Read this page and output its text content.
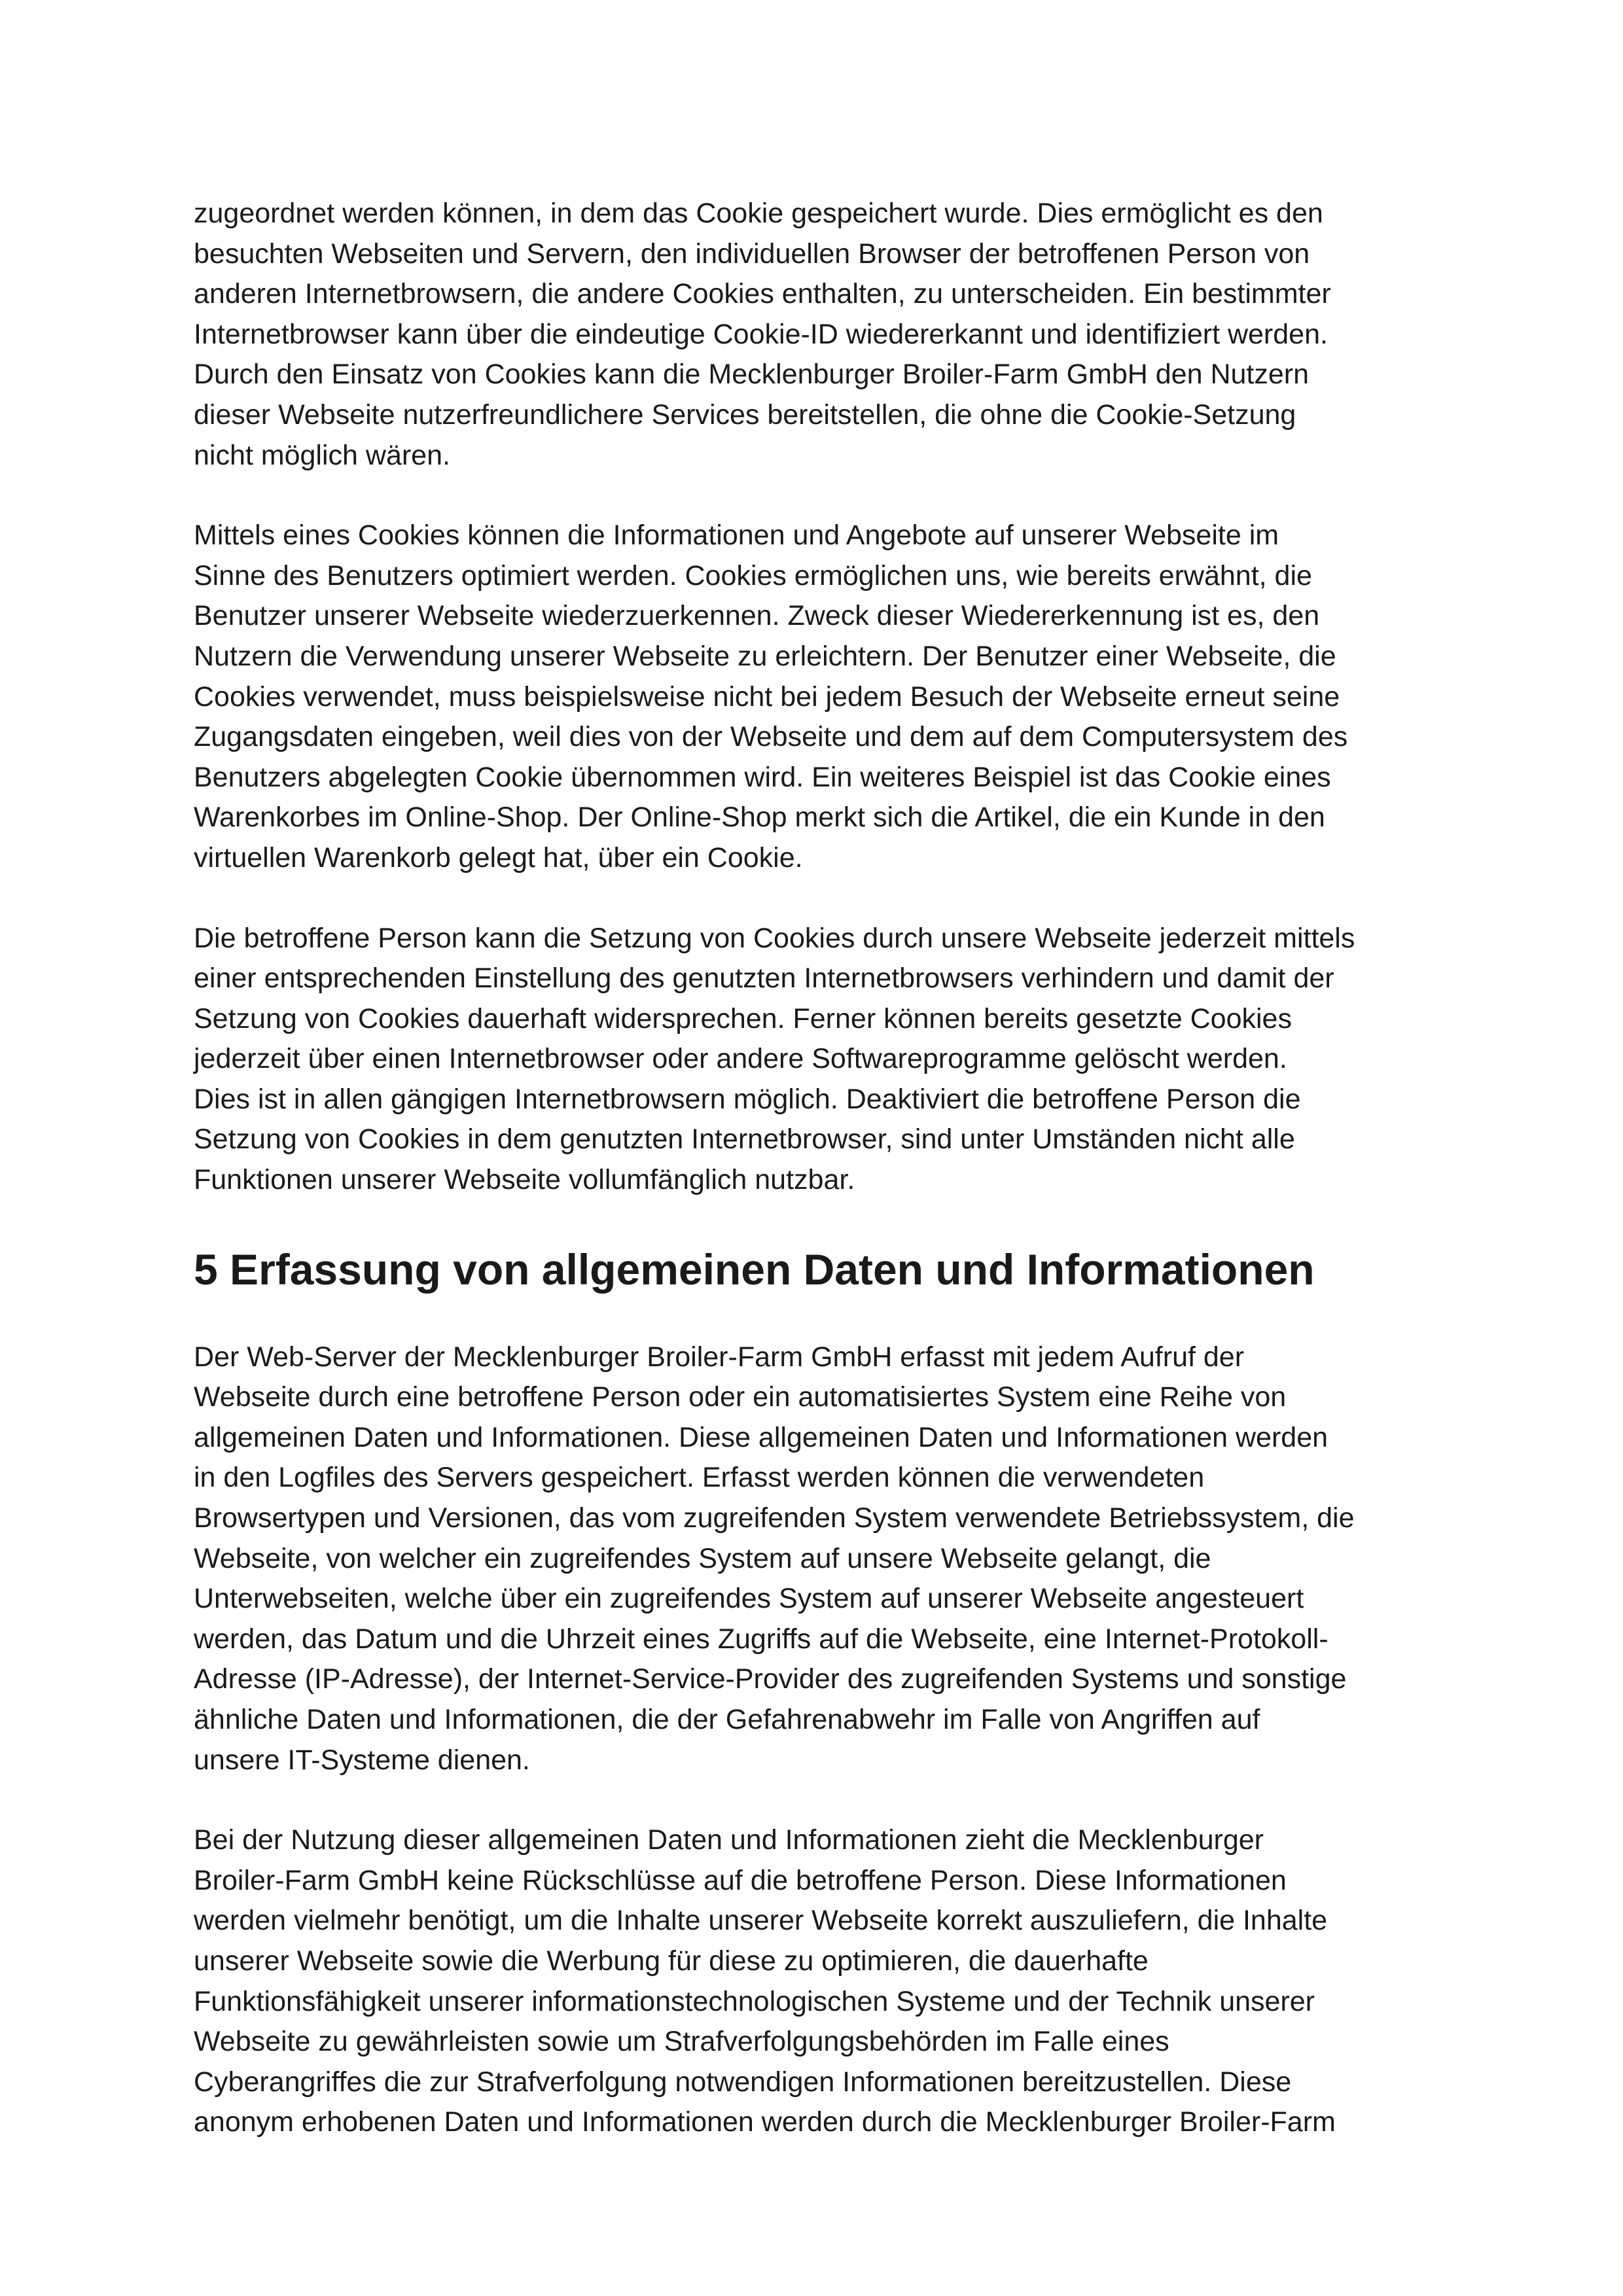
zugeordnet werden können, in dem das Cookie gespeichert wurde. Dies ermöglicht es den
besuchten Webseiten und Servern, den individuellen Browser der betroffenen Person von
anderen Internetbrowsern, die andere Cookies enthalten, zu unterscheiden. Ein bestimmter
Internetbrowser kann über die eindeutige Cookie-ID wiedererkannt und identifiziert werden.
Durch den Einsatz von Cookies kann die Mecklenburger Broiler-Farm GmbH den Nutzern
dieser Webseite nutzerfreundlichere Services bereitstellen, die ohne die Cookie-Setzung
nicht möglich wären.
Mittels eines Cookies können die Informationen und Angebote auf unserer Webseite im
Sinne des Benutzers optimiert werden. Cookies ermöglichen uns, wie bereits erwähnt, die
Benutzer unserer Webseite wiederzuerkennen. Zweck dieser Wiedererkennung ist es, den
Nutzern die Verwendung unserer Webseite zu erleichtern. Der Benutzer einer Webseite, die
Cookies verwendet, muss beispielsweise nicht bei jedem Besuch der Webseite erneut seine
Zugangsdaten eingeben, weil dies von der Webseite und dem auf dem Computersystem des
Benutzers abgelegten Cookie übernommen wird. Ein weiteres Beispiel ist das Cookie eines
Warenkorbes im Online-Shop. Der Online-Shop merkt sich die Artikel, die ein Kunde in den
virtuellen Warenkorb gelegt hat, über ein Cookie.
Die betroffene Person kann die Setzung von Cookies durch unsere Webseite jederzeit mittels
einer entsprechenden Einstellung des genutzten Internetbrowsers verhindern und damit der
Setzung von Cookies dauerhaft widersprechen. Ferner können bereits gesetzte Cookies
jederzeit über einen Internetbrowser oder andere Softwareprogramme gelöscht werden.
Dies ist in allen gängigen Internetbrowsern möglich. Deaktiviert die betroffene Person die
Setzung von Cookies in dem genutzten Internetbrowser, sind unter Umständen nicht alle
Funktionen unserer Webseite vollumfänglich nutzbar.
5 Erfassung von allgemeinen Daten und Informationen
Der Web-Server der Mecklenburger Broiler-Farm GmbH erfasst mit jedem Aufruf der
Webseite durch eine betroffene Person oder ein automatisiertes System eine Reihe von
allgemeinen Daten und Informationen. Diese allgemeinen Daten und Informationen werden
in den Logfiles des Servers gespeichert. Erfasst werden können die verwendeten
Browsertypen und Versionen, das vom zugreifenden System verwendete Betriebssystem, die
Webseite, von welcher ein zugreifendes System auf unsere Webseite gelangt, die
Unterwebseiten, welche über ein zugreifendes System auf unserer Webseite angesteuert
werden, das Datum und die Uhrzeit eines Zugriffs auf die Webseite, eine Internet-Protokoll-
Adresse (IP-Adresse), der Internet-Service-Provider des zugreifenden Systems und sonstige
ähnliche Daten und Informationen, die der Gefahrenabwehr im Falle von Angriffen auf
unsere IT-Systeme dienen.
Bei der Nutzung dieser allgemeinen Daten und Informationen zieht die Mecklenburger
Broiler-Farm GmbH keine Rückschlüsse auf die betroffene Person. Diese Informationen
werden vielmehr benötigt, um die Inhalte unserer Webseite korrekt auszuliefern, die Inhalte
unserer Webseite sowie die Werbung für diese zu optimieren, die dauerhafte
Funktionsfähigkeit unserer informationstechnologischen Systeme und der Technik unserer
Webseite zu gewährleisten sowie um Strafverfolgungsbehörden im Falle eines
Cyberangriffes die zur Strafverfolgung notwendigen Informationen bereitzustellen. Diese
anonym erhobenen Daten und Informationen werden durch die Mecklenburger Broiler-Farm
